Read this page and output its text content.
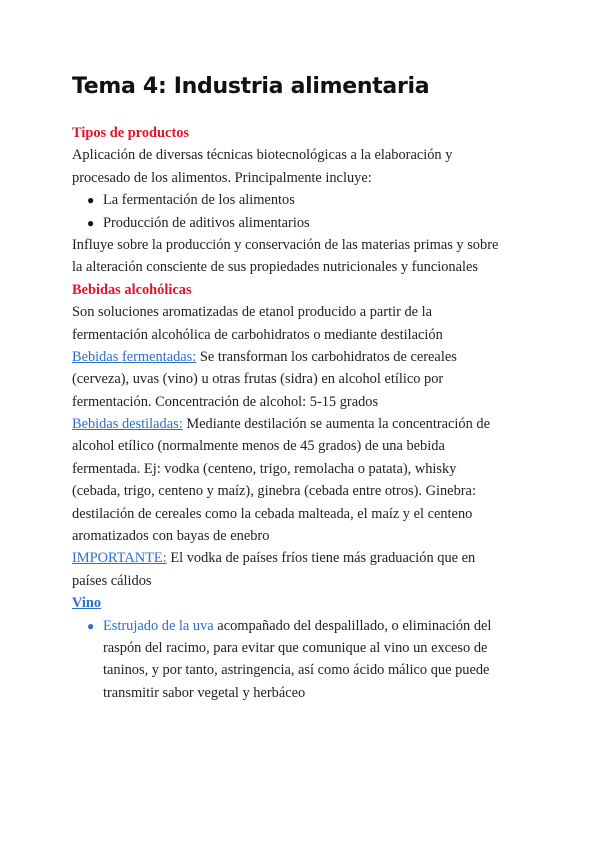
Tema 4: Industria alimentaria
Tipos de productos
Aplicación de diversas técnicas biotecnológicas a la elaboración y
procesado de los alimentos. Principalmente incluye:
● La fermentación de los alimentos
● Producción de aditivos alimentarios
Influye sobre la producción y conservación de las materias primas y sobre
la alteración consciente de sus propiedades nutricionales y funcionales
Bebidas alcohólicas
Son soluciones aromatizadas de etanol producido a partir de la
fermentación alcohólica de carbohidratos o mediante destilación
Bebidas fermentadas: Se transforman los carbohidratos de cereales
(cerveza), uvas (vino) u otras frutas (sidra) en alcohol etílico por
fermentación. Concentración de alcohol: 5-15 grados
Bebidas destiladas: Mediante destilación se aumenta la concentración de
alcohol etílico (normalmente menos de 45 grados) de una bebida
fermentada. Ej: vodka (centeno, trigo, remolacha o patata), whisky
(cebada, trigo, centeno y maíz), ginebra (cebada entre otros). Ginebra:
destilación de cereales como la cebada malteada, el maíz y el centeno
aromatizados con bayas de enebro
IMPORTANTE: El vodka de países fríos tiene más graduación que en
países cálidos
Vino
● Estrujado de la uva acompañado del despalillado, o eliminación del
raspón del racimo, para evitar que comunique al vino un exceso de
taninos, y por tanto, astringencia, así como ácido málico que puede
transmitir sabor vegetal y herbáceo
